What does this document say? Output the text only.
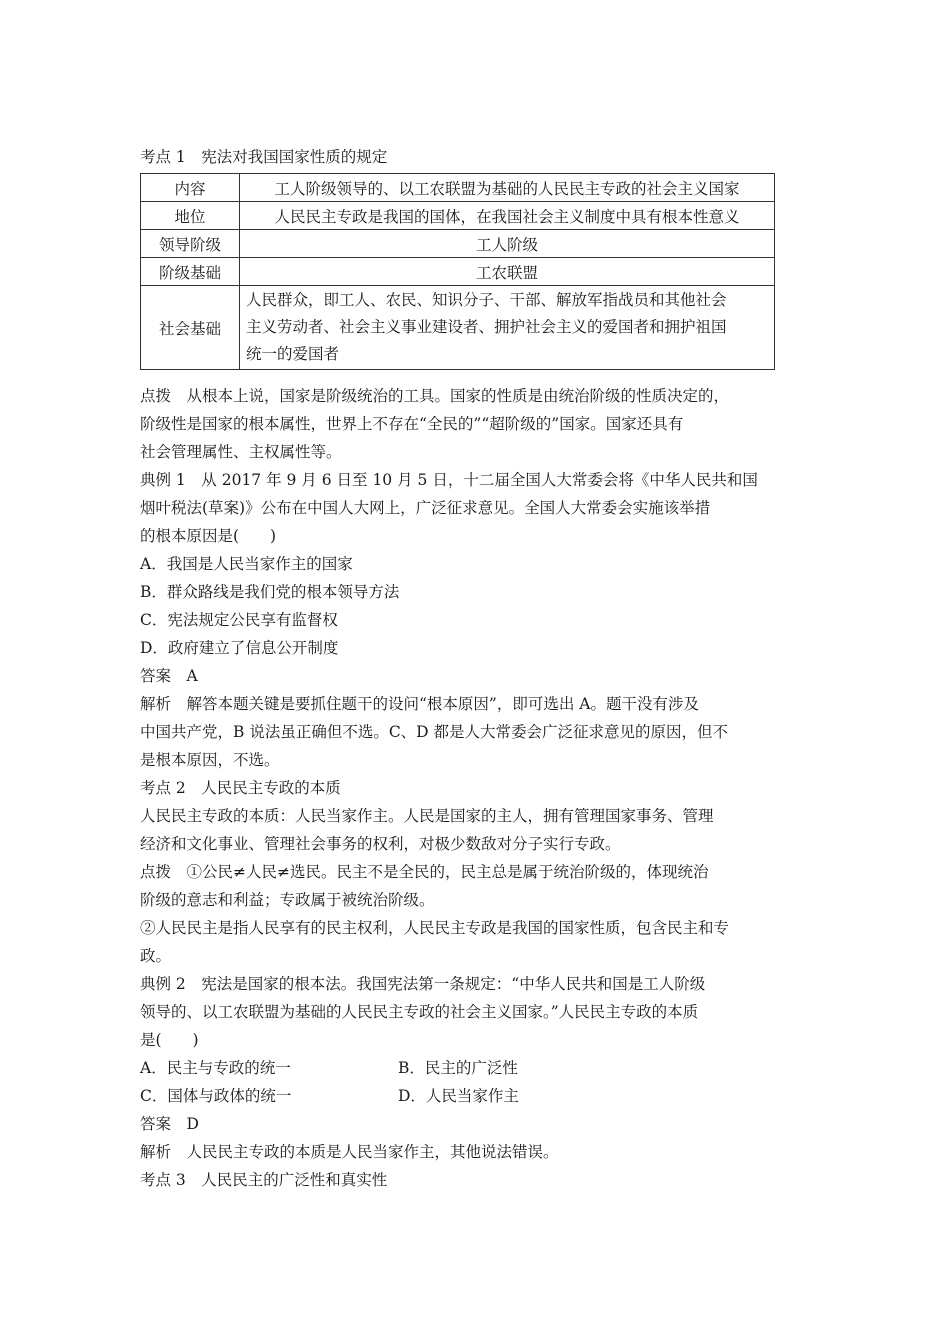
考点 1　宪法对我国国家性质的规定
内容	工人阶级领导的、以工农联盟为基础的人民民主专政的社会主义国家
地位	人民民主专政是我国的国体，在我国社会主义制度中具有根本性意义
领导阶级	工人阶级
阶级基础	工农联盟
社会基础	人民群众，即工人、农民、知识分子、干部、解放军指战员和其他社会
主义劳动者、社会主义事业建设者、拥护社会主义的爱国者和拥护祖国
统一的爱国者
点拨　从根本上说，国家是阶级统治的工具。国家的性质是由统治阶级的性质决定的，
阶级性是国家的根本属性，世界上不存在“全民的”“超阶级的”国家。国家还具有
社会管理属性、主权属性等。
典例 1　从 2017 年 9 月 6 日至 10 月 5 日，十二届全国人大常委会将《中华人民共和国
烟叶税法(草案)》公布在中国人大网上，广泛征求意见。全国人大常委会实施该举措
的根本原因是(　　)
A．我国是人民当家作主的国家
B．群众路线是我们党的根本领导方法
C．宪法规定公民享有监督权
D．政府建立了信息公开制度
答案　A
解析　解答本题关键是要抓住题干的设问“根本原因”，即可选出 A。题干没有涉及
中国共产党，B 说法虽正确但不选。C、D 都是人大常委会广泛征求意见的原因，但不
是根本原因，不选。
考点 2　人民民主专政的本质
人民民主专政的本质：人民当家作主。人民是国家的主人，拥有管理国家事务、管理
经济和文化事业、管理社会事务的权利，对极少数敌对分子实行专政。
点拨　①公民≠人民≠选民。民主不是全民的，民主总是属于统治阶级的，体现统治
阶级的意志和利益；专政属于被统治阶级。
②人民民主是指人民享有的民主权利，人民民主专政是我国的国家性质，包含民主和专
政。
典例 2　宪法是国家的根本法。我国宪法第一条规定：“中华人民共和国是工人阶级
领导的、以工农联盟为基础的人民民主专政的社会主义国家。”人民民主专政的本质
是(　　)
A．民主与专政的统一	B．民主的广泛性
C．国体与政体的统一	D．人民当家作主
答案　D
解析　人民民主专政的本质是人民当家作主，其他说法错误。
考点 3　人民民主的广泛性和真实性
